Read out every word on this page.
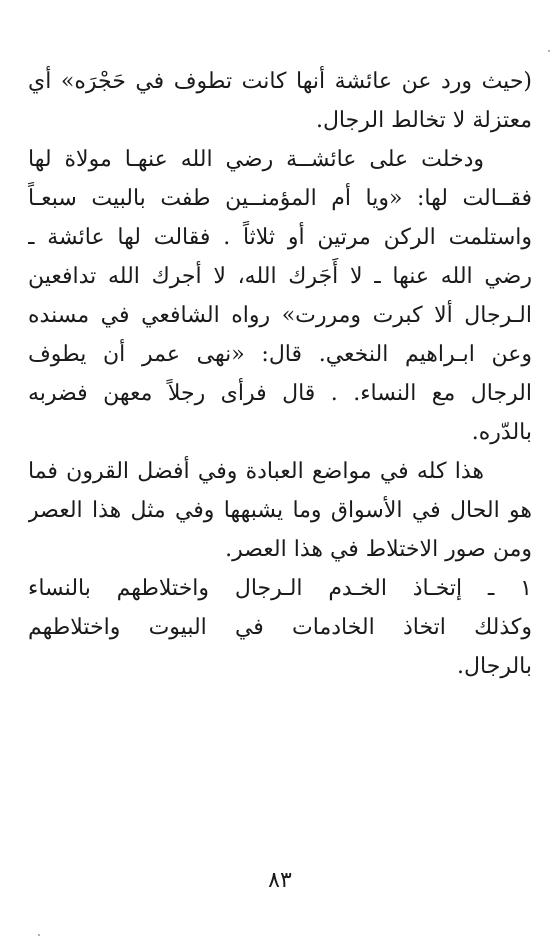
(حيث ورد عن عائشة أنها كانت تطوف في حَجْرَه» أي
معتزلة لا تخالط الرجال.
ودخلت على عائشــة رضي الله عنهـا مولاة لها
فقــالت لها: «ويا أم المؤمنــين طفت بالبيت سبعـاً
واستلمت الركن مرتين أو ثلاثاً . فقالت لها عائشة ـ
رضي الله عنها ـ لا أَجَرك الله، لا أجرك الله تدافعين
الـرجال ألا كبرت ومررت» رواه الشافعي في مسنده
وعن ابـراهيم النخعي. قال: «نهى عمر أن يطوف
الرجال مع النساء. . قال فرأى رجلاً معهن فضربه
بالدّره.
هذا كله في مواضع العبادة وفي أفضل القرون فما
هو الحال في الأسواق وما يشبهها وفي مثل هذا العصر
ومن صور الاختلاط في هذا العصر.
١ ـ إتخـاذ الخـدم الـرجال واختلاطهم بالنساء
وكذلك اتخاذ الخادمات في البيوت واختلاطهم
بالرجال.
٨٣
